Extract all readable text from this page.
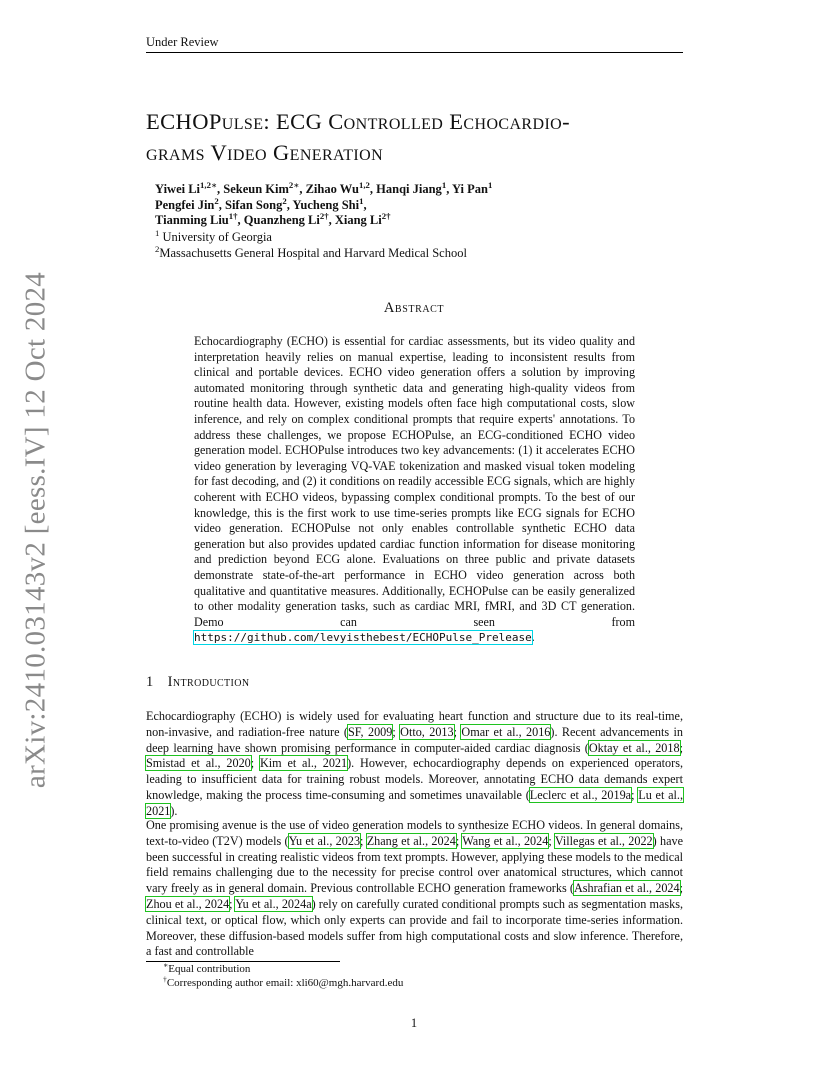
Under Review
arXiv:2410.03143v2 [eess.IV] 12 Oct 2024
ECHOPulse: ECG Controlled Echocardio-
grams Video Generation
Yiwei $Li^{1,2∗}$, Sekeun Kim$^{2∗}$, Zihao Wu$^{1,2}$, Hanqi Jiang$^1$, Yi Pan$^1$
Pengfei Jin$^2$, Sifan Song$^2$, Yucheng Shi$^1$,
Tianming Liu$^{1\dagger}$, Quanzheng $Li^{2\dagger}$, Xiang $Li^{2\dagger}$
$^1$ University of Georgia
$^2$Massachusetts General Hospital and Harvard Medical School
Abstract

Echocardiography (ECHO) is essential for cardiac assessments, but its video quality and interpretation heavily relies on manual expertise, leading to inconsistent results from clinical and portable devices. ECHO video generation offers a solution by improving automated monitoring through synthetic data and generating high-quality videos from routine health data. However, existing models often face high computational costs, slow inference, and rely on complex conditional prompts that require experts' annotations. To address these challenges, we propose ECHOPulse, an ECG-conditioned ECHO video generation model. ECHOPulse introduces two key advancements: (1) it accelerates ECHO video generation by leveraging VQ-VAE tokenization and masked visual token modeling for fast decoding, and (2) it conditions on readily accessible ECG signals, which are highly coherent with ECHO videos, bypassing complex conditional prompts. To the best of our knowledge, this is the first work to use time-series prompts like ECG signals for ECHO video generation. ECHOPulse not only enables controllable synthetic ECHO data generation but also provides updated cardiac function information for disease monitoring and prediction beyond ECG alone. Evaluations on three public and private datasets demonstrate state-of-the-art performance in ECHO video generation across both qualitative and quantitative measures. Additionally, ECHOPulse can be easily generalized to other modality generation tasks, such as cardiac MRI, fMRI, and 3D CT generation. Demo can seen from https://github.com/levyisthebest/ECHOPulse_Prelease.

1 Introduction

Echocardiography (ECHO) is widely used for evaluating heart function and structure due to its real-time, non-invasive, and radiation-free nature (SF, 2009; Otto, 2013; Omar et al., 2016). Recent advancements in deep learning have shown promising performance in computer-aided cardiac diagnosis (Oktay et al., 2018; Smistad et al., 2020; Kim et al., 2021). However, echocardiography depends on experienced operators, leading to insufficient data for training robust models. Moreover, annotating ECHO data demands expert knowledge, making the process time-consuming and sometimes unavailable (Leclerc et al., 2019a; Lu et al., 2021).

One promising avenue is the use of video generation models to synthesize ECHO videos. In general domains, text-to-video (T2V) models (Yu et al., 2023; Zhang et al., 2024; Wang et al., 2024; Villegas et al., 2022) have been successful in creating realistic videos from text prompts. However, applying these models to the medical field remains challenging due to the necessity for precise control over anatomical structures, which cannot vary freely as in general domain. Previous controllable ECHO generation frameworks (Ashrafian et al., 2024; Zhou et al., 2024; Yu et al., 2024a) rely on carefully curated conditional prompts such as segmentation masks, clinical text, or optical flow, which only experts can provide and fail to incorporate time-series information. Moreover, these diffusion-based models suffer from high computational costs and slow inference. Therefore, a fast and controllable

∗Equal contribution
†Corresponding author email: xli60@mgh.harvard.edu
1
